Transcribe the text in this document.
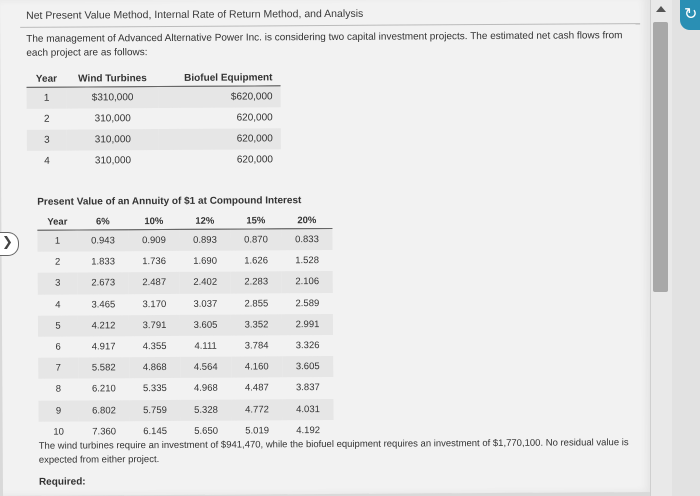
Net Present Value Method, Internal Rate of Return Method, and Analysis
The management of Advanced Alternative Power Inc. is considering two capital investment projects. The estimated net cash flows from each project are as follows:
Year	Wind Turbines	Biofuel Equipment
1	$310,000	$620,000
2	310,000	620,000
3	310,000	620,000
4	310,000	620,000
Present Value of an Annuity of $1 at Compound Interest
Year	6%	10%	12%	15%	20%
1	0.943	0.909	0.893	0.870	0.833
2	1.833	1.736	1.690	1.626	1.528
3	2.673	2.487	2.402	2.283	2.106
4	3.465	3.170	3.037	2.855	2.589
5	4.212	3.791	3.605	3.352	2.991
6	4.917	4.355	4.111	3.784	3.326
7	5.582	4.868	4.564	4.160	3.605
8	6.210	5.335	4.968	4.487	3.837
9	6.802	5.759	5.328	4.772	4.031
10	7.360	6.145	5.650	5.019	4.192
The wind turbines require an investment of $941,470, while the biofuel equipment requires an investment of $1,770,100. No residual value is expected from either project.
Required:
❯
↻
